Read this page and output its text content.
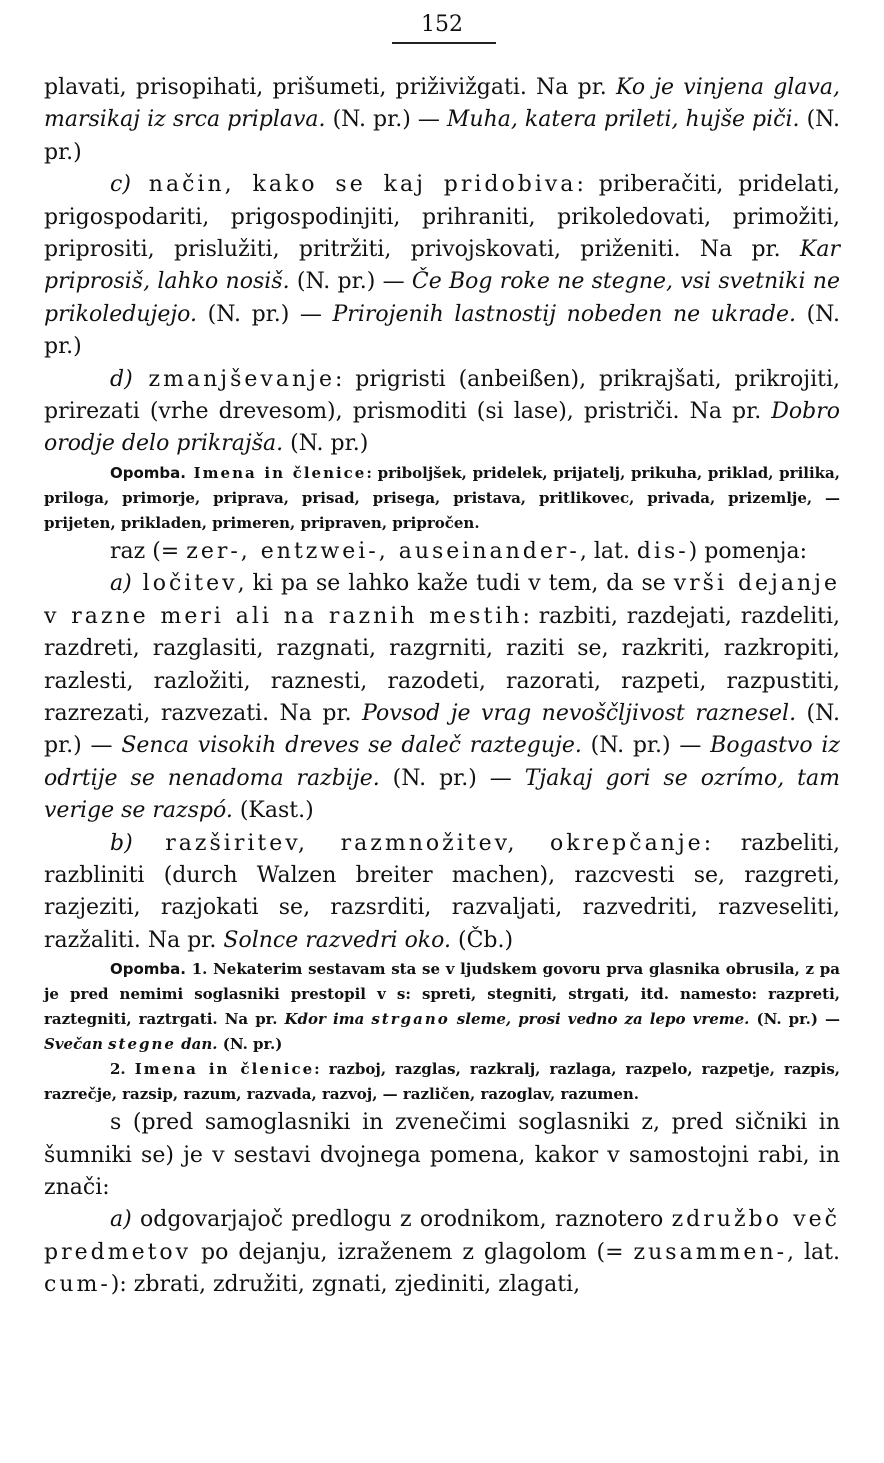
152

plavati, prisopihati, prišumeti, priživižgati. Na pr. Ko je vinjena glava, marsikaj iz srca priplava. (N. pr.) — Muha, katera prileti, hujše piči. (N. pr.)

c) način, kako se kaj pridobiva: priberačiti, pridelati, prigospodariti, prigospodinjiti, prihraniti, prikoledovati, primožiti, priprositi, prislužiti, pritržiti, privojskovati, priženiti. Na pr. Kar priprosiš, lahko nosiš. (N. pr.) — Če Bog roke ne stegne, vsi svetniki ne prikoledujejo. (N. pr.) — Prirojenih lastnostij nobeden ne ukrade. (N. pr.)

d) zmanjševanje: prigristi (anbeißen), prikrajšati, prikrojiti, prirezati (vrhe drevesom), prismoditi (si lase), pristriči. Na pr. Dobro orodje delo prikrajša. (N. pr.)

Opomba. Imena in členice: priboljšek, pridelek, prijatelj, prikuha, priklad, prilika, priloga, primorje, priprava, prisad, prisega, pristava, pritlikovec, privada, prizemlje, — prijeten, prikladen, primeren, pripraven, pripročen.

raz (= zer-, entzwei-, auseinander-, lat. dis-) pomenja:

a) ločitev, ki pa se lahko kaže tudi v tem, da se vrši dejanje v razne meri ali na raznih mestih: razbiti, razdejati, razdeliti, razdreti, razglasiti, razgnati, razgrniti, raziti se, razkriti, razkropiti, razlesti, razložiti, raznesti, razodeti, razorati, razpeti, razpustiti, razrezati, razvezati. Na pr. Povsod je vrag nevoščljivost raznesel. (N. pr.) — Senca visokih dreves se daleč razteguje. (N. pr.) — Bogastvo iz odrtije se nenadoma razbije. (N. pr.) — Tjakaj gori se ozrímo, tam verige se razspó. (Kast.)

b) razširitev, razmnožitev, okrepčanje: razbeliti, razbliniti (durch Walzen breiter machen), razcvesti se, razgreti, razjeziti, razjokati se, razsrditi, razvaljati, razvedriti, razveseliti, razžaliti. Na pr. Solnce razvedri oko. (Čb.)

Opomba. 1. Nekaterim sestavam sta se v ljudskem govoru prva glasnika obrusila, z pa je pred nemimi soglasniki prestopil v s: spreti, stegniti, strgati, itd. namesto: razpreti, raztegniti, raztrgati. Na pr. Kdor ima strgano sleme, prosi vedno za lepo vreme. (N. pr.) — Svečan stegne dan. (N. pr.)

2. Imena in členice: razboj, razglas, razkralj, razlaga, razpelo, razpetje, razpis, razrečje, razsip, razum, razvada, razvoj, — različen, razoglav, razumen.

s (pred samoglasniki in zvenečimi soglasniki z, pred sičniki in šumniki se) je v sestavi dvojnega pomena, kakor v samostojni rabi, in znači:

a) odgovarjajoč predlogu z orodnikom, raznotero združbo več predmetov po dejanju, izraženem z glagolom (= zusammen-, lat. cum-): zbrati, združiti, zgnati, zjediniti, zlagati,
